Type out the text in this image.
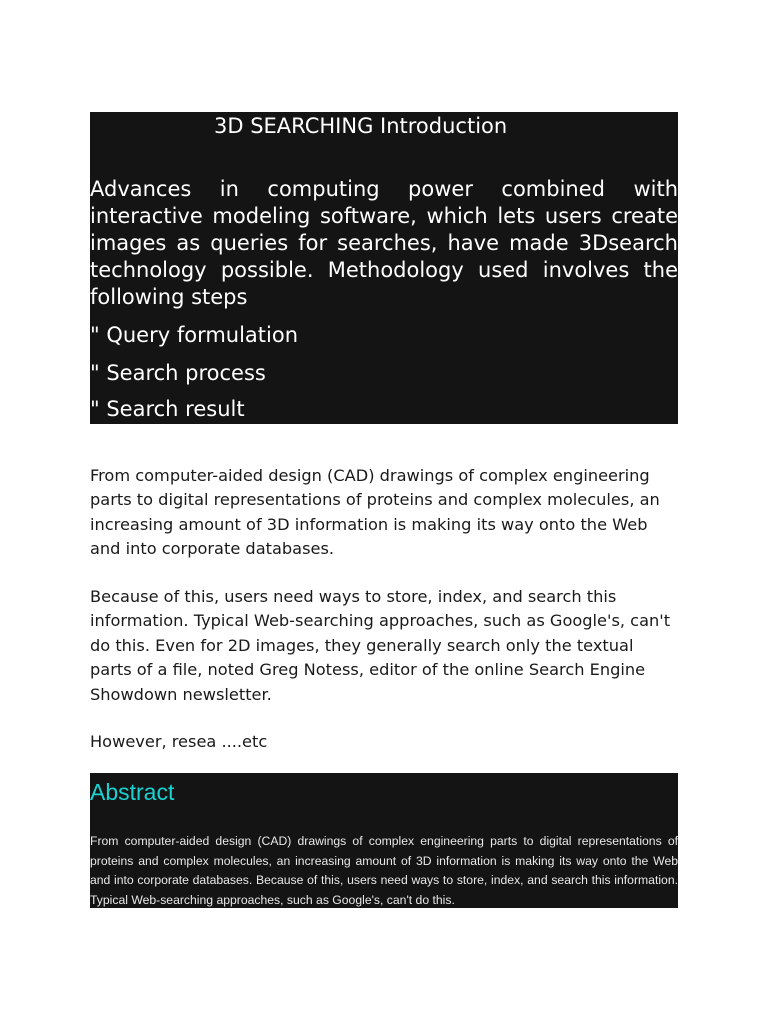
3D SEARCHING Introduction

Advances in computing power combined with interactive modeling software, which lets users create images as queries for searches, have made 3Dsearch technology possible. Methodology used involves the following steps

" Query formulation
" Search process
" Search result

From computer-aided design (CAD) drawings of complex engineering parts to digital representations of proteins and complex molecules, an increasing amount of 3D information is making its way onto the Web and into corporate databases.

Because of this, users need ways to store, index, and search this information. Typical Web-searching approaches, such as Google's, can't do this. Even for 2D images, they generally search only the textual parts of a file, noted Greg Notess, editor of the online Search Engine Showdown newsletter.

However, resea ....etc

Abstract

From computer-aided design (CAD) drawings of complex engineering parts to digital representations of proteins and complex molecules, an increasing amount of 3D information is making its way onto the Web and into corporate databases. Because of this, users need ways to store, index, and search this information. Typical Web-searching approaches, such as Google's, can't do this.
